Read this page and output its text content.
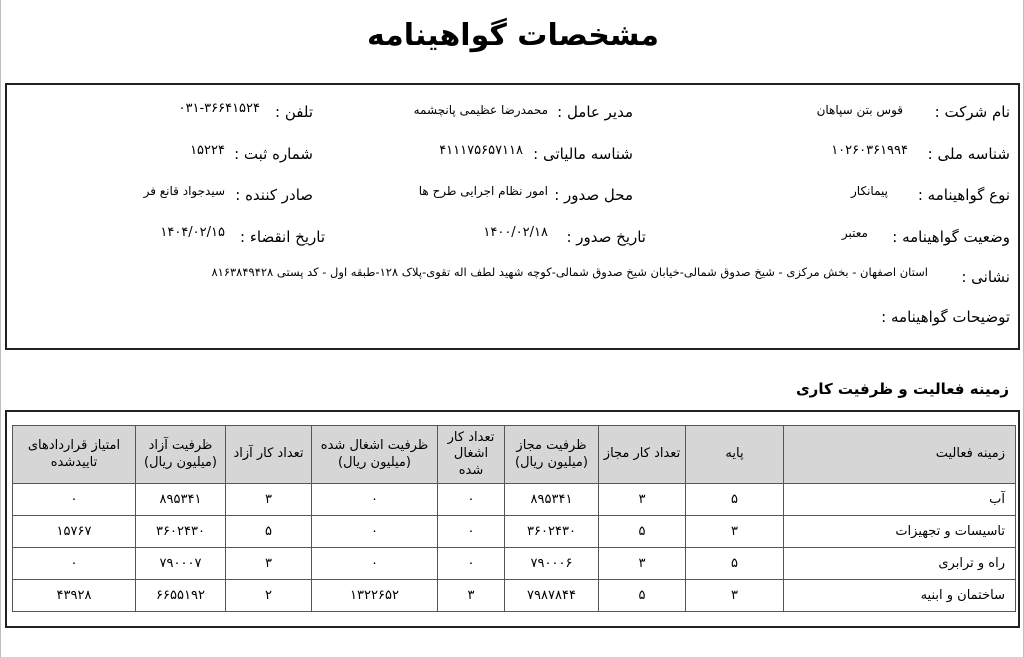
مشخصات گواهینامه
نام شرکت :
قوس بتن سپاهان
مدیر عامل :
محمدرضا عظیمی پانچشمه
تلفن :
۰۳۱-۳۶۶۴۱۵۲۴
شناسه ملی :
۱۰۲۶۰۳۶۱۹۹۴
شناسه مالیاتی :
۴۱۱۱۷۵۶۵۷۱۱۸
شماره ثبت :
۱۵۲۲۴
نوع گواهینامه :
پیمانکار
محل صدور :
امور نظام اجرایی طرح ها
صادر کننده :
سیدجواد قانع فر
وضعیت گواهینامه :
معتبر
تاریخ صدور :
۱۴۰۰/۰۲/۱۸
تاریخ انقضاء :
۱۴۰۴/۰۲/۱۵
نشانی :
استان اصفهان - بخش مرکزی - شیخ صدوق شمالی-خیابان شیخ صدوق شمالی-کوچه شهید لطف اله تقوی-پلاک ۱۲۸-طبقه اول - کد پستی ۸۱۶۳۸۴۹۴۲۸
توضیحات گواهینامه :
زمینه فعالیت و ظرفیت کاری
زمینه فعالیت	پایه	تعداد کار مجاز	ظرفیت مجاز (میلیون ریال)	تعداد کار اشغال شده	ظرفیت اشغال شده (میلیون ریال)	تعداد کار آزاد	ظرفیت آزاد (میلیون ریال)	امتیاز قراردادهای تاییدشده
آب	۵	۳	۸۹۵۳۴۱	۰	۰	۳	۸۹۵۳۴۱	۰
تاسیسات و تجهیزات	۳	۵	۳۶۰۲۴۳۰	۰	۰	۵	۳۶۰۲۴۳۰	۱۵۷۶۷
راه و ترابری	۵	۳	۷۹۰۰۰۶	۰	۰	۳	۷۹۰۰۰۷	۰
ساختمان و ابنیه	۳	۵	۷۹۸۷۸۴۴	۳	۱۳۲۲۶۵۲	۲	۶۶۵۵۱۹۲	۴۳۹۲۸
